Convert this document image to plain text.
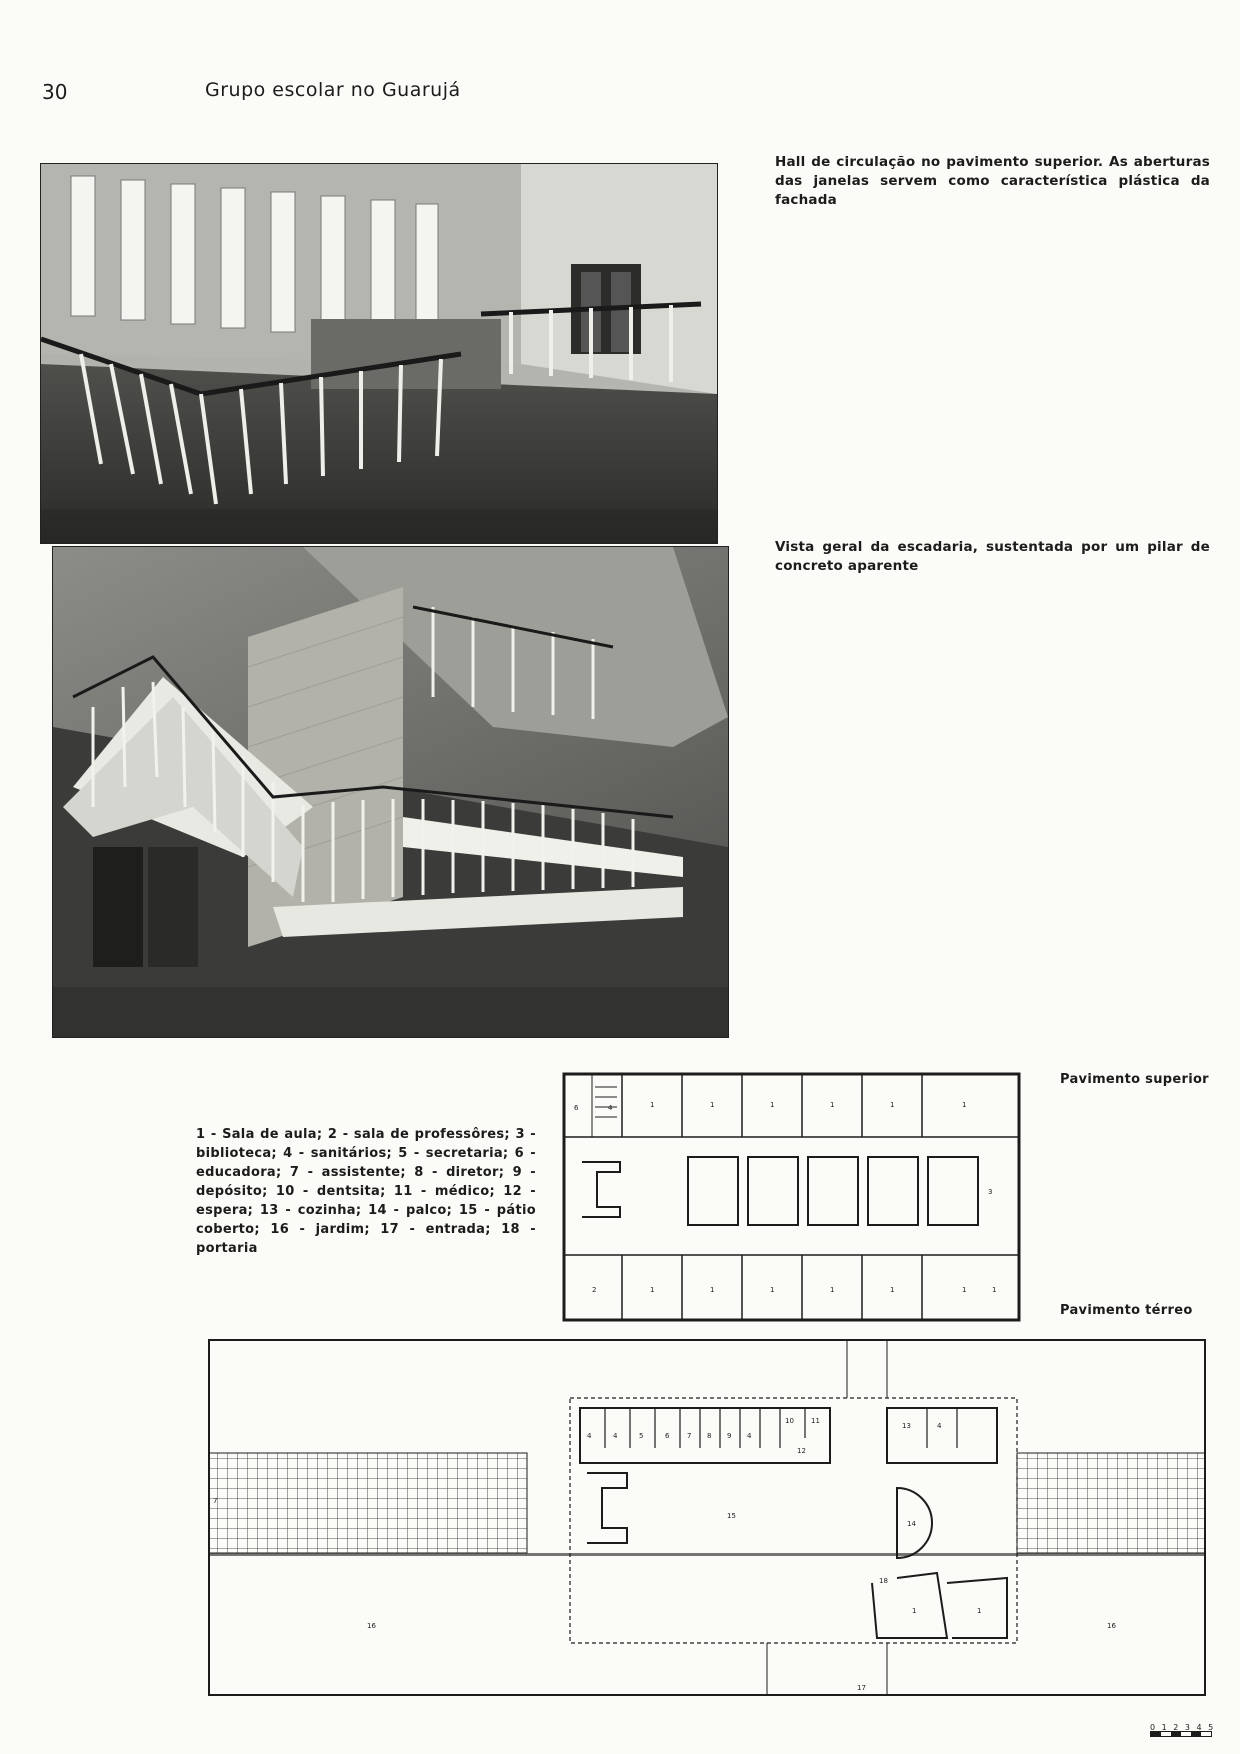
30	Grupo escolar no Guarujá
Hall de circulação no pavimento superior. As aberturas das janelas servem como característica plástica da fachada
Vista geral da escadaria, sustentada por um pilar de concreto aparente
1 - Sala de aula; 2 - sala de professôres; 3 - biblioteca; 4 - sanitários; 5 - secretaria; 6 - educadora; 7 - assistente; 8 - diretor; 9 - depósito; 10 - dentsita; 11 - médico; 12 - espera; 13 - cozinha; 14 - palco; 15 - pátio coberto; 16 - jardim; 17 - entrada; 18 - portaria
Pavimento superior
Pavimento térreo
6	4	1	1	1	1	1	1
2	1	1	1	1	1	1	1
3
4	4	5	6	7 8 9 4
10 11
12
13	4
15
14
16	16
17
1	1
18
7
0 1 2 3 4 5
